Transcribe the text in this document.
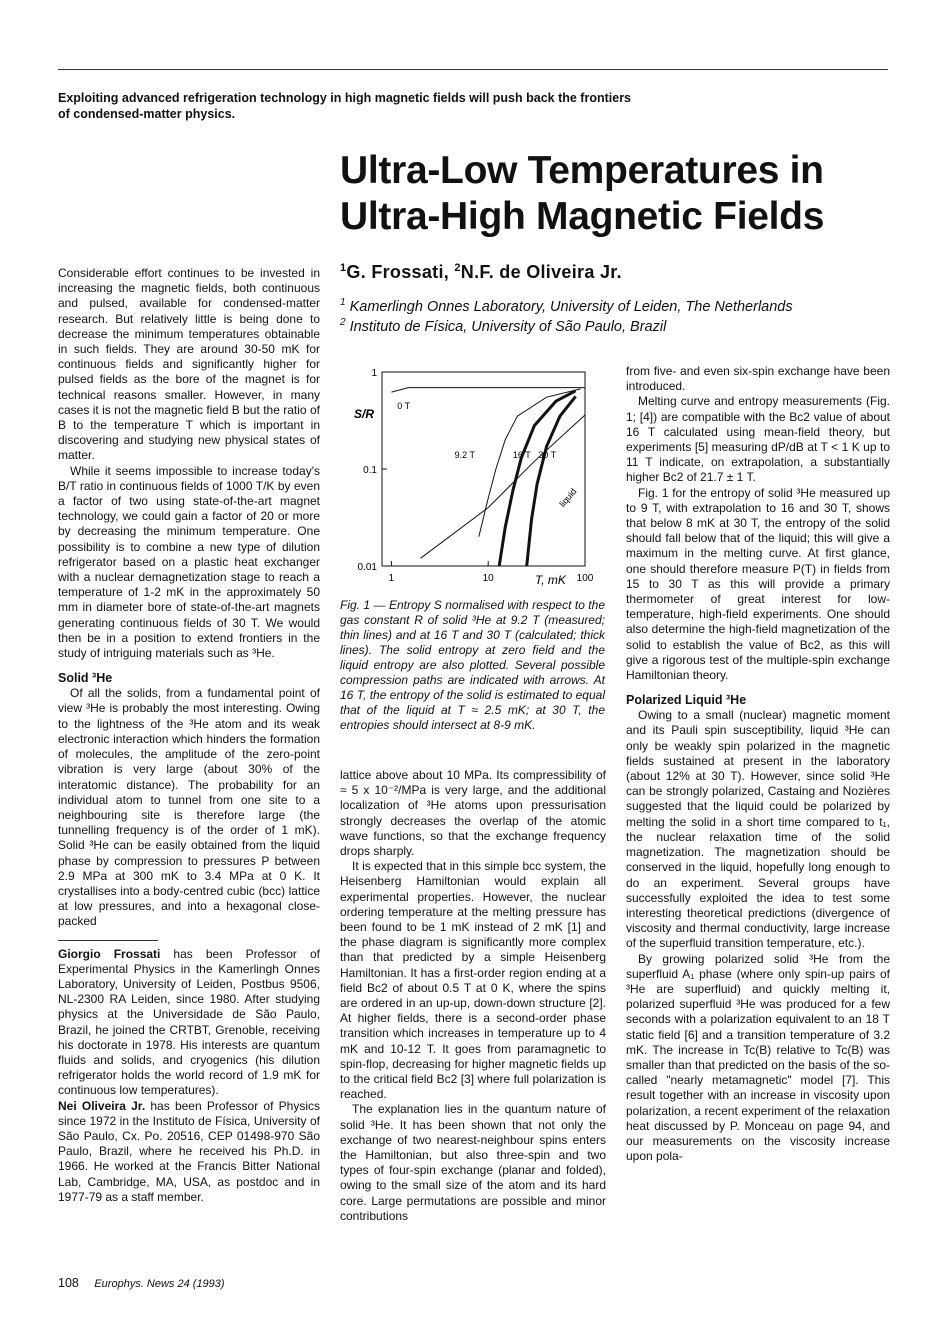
Exploiting advanced refrigeration technology in high magnetic fields will push back the frontiers of condensed-matter physics.
Ultra-Low Temperatures in
Ultra-High Magnetic Fields
$^1$G. Frossati, $^2$N.F. de Oliveira Jr.
$^1$ Kamerlingh Onnes Laboratory, University of Leiden, The Netherlands
$^2$ Instituto de Física, University of São Paulo, Brazil

Considerable effort continues to be invested in increasing the magnetic fields, both continuous and pulsed, available for condensed-matter research. But relatively little is being done to decrease the minimum temperatures obtainable in such fields. They are around 30-50 mK for continuous fields and significantly higher for pulsed fields as the bore of the magnet is for technical reasons smaller. However, in many cases it is not the magnetic field B but the ratio of B to the temperature T which is important in discovering and studying new physical states of matter.

While it seems impossible to increase today's B/T ratio in continuous fields of 1000 T/K by even a factor of two using state-of-the-art magnet technology, we could gain a factor of 20 or more by decreasing the minimum temperature. One possibility is to combine a new type of dilution refrigerator based on a plastic heat exchanger with a nuclear demagnetization stage to reach a temperature of 1-2 mK in the approximately 50 mm in diameter bore of state-of-the-art magnets generating continuous fields of 30 T. We would then be in a position to extend frontiers in the study of intriguing materials such as ³He.

Solid ³He

Of all the solids, from a fundamental point of view ³He is probably the most interesting. Owing to the lightness of the ³He atom and its weak electronic interaction which hinders the formation of molecules, the amplitude of the zero-point vibration is very large (about 30% of the interatomic distance). The probability for an individual atom to tunnel from one site to a neighbouring site is therefore large (the tunnelling frequency is of the order of 1 mK). Solid ³He can be easily obtained from the liquid phase by compression to pressures P between 2.9 MPa at 300 mK to 3.4 MPa at 0 K. It crystallises into a body-centred cubic (bcc) lattice at low pressures, and into a hexagonal close-packed

Giorgio Frossati has been Professor of Experimental Physics in the Kamerlingh Onnes Laboratory, University of Leiden, Postbus 9506, NL-2300 RA Leiden, since 1980. After studying physics at the Universidade de São Paulo, Brazil, he joined the CRTBT, Grenoble, receiving his doctorate in 1978. His interests are quantum fluids and solids, and cryogenics (his dilution refrigerator holds the world record of 1.9 mK for continuous low temperatures).

Nei Oliveira Jr. has been Professor of Physics since 1972 in the Instituto de Física, University of São Paulo, Cx. Po. 20516, CEP 01498-970 São Paulo, Brazil, where he received his Ph.D. in 1966. He worked at the Francis Bitter National Lab, Cambridge, MA, USA, as postdoc and in 1977-79 as a staff member.

1	10	100
1
0.1
0.01
S/R
T, mK
0 T
9.2 T	16 T 30 T
liquid
Fig. 1 — Entropy S normalised with respect to the gas constant R of solid ³He at 9.2 T (measured; thin lines) and at 16 T and 30 T (calculated; thick lines). The solid entropy at zero field and the liquid entropy are also plotted. Several possible compression paths are indicated with arrows. At 16 T, the entropy of the solid is estimated to equal that of the liquid at T ≈ 2.5 mK; at 30 T, the entropies should intersect at 8-9 mK.

lattice above about 10 MPa. Its compressibility of ≈ 5 x 10⁻²/MPa is very large, and the additional localization of ³He atoms upon pressurisation strongly decreases the overlap of the atomic wave functions, so that the exchange frequency drops sharply.

It is expected that in this simple bcc system, the Heisenberg Hamiltonian would explain all experimental properties. However, the nuclear ordering temperature at the melting pressure has been found to be 1 mK instead of 2 mK [1] and the phase diagram is significantly more complex than that predicted by a simple Heisenberg Hamiltonian. It has a first-order region ending at a field Bc2 of about 0.5 T at 0 K, where the spins are ordered in an up-up, down-down structure [2]. At higher fields, there is a second-order phase transition which increases in temperature up to 4 mK and 10-12 T. It goes from paramagnetic to spin-flop, decreasing for higher magnetic fields up to the critical field Bc2 [3] where full polarization is reached.

The explanation lies in the quantum nature of solid ³He. It has been shown that not only the exchange of two nearest-neighbour spins enters the Hamiltonian, but also three-spin and two types of four-spin exchange (planar and folded), owing to the small size of the atom and its hard core. Large permutations are possible and minor contributions

from five- and even six-spin exchange have been introduced.

Melting curve and entropy measurements (Fig. 1; [4]) are compatible with the Bc2 value of about 16 T calculated using mean-field theory, but experiments [5] measuring dP/dB at T < 1 K up to 11 T indicate, on extrapolation, a substantially higher Bc2 of 21.7 ± 1 T.

Fig. 1 for the entropy of solid ³He measured up to 9 T, with extrapolation to 16 and 30 T, shows that below 8 mK at 30 T, the entropy of the solid should fall below that of the liquid; this will give a maximum in the melting curve. At first glance, one should therefore measure P(T) in fields from 15 to 30 T as this will provide a primary thermometer of great interest for low-temperature, high-field experiments. One should also determine the high-field magnetization of the solid to establish the value of Bc2, as this will give a rigorous test of the multiple-spin exchange Hamiltonian theory.

Polarized Liquid ³He

Owing to a small (nuclear) magnetic moment and its Pauli spin susceptibility, liquid ³He can only be weakly spin polarized in the magnetic fields sustained at present in the laboratory (about 12% at 30 T). However, since solid ³He can be strongly polarized, Castaing and Nozières suggested that the liquid could be polarized by melting the solid in a short time compared to t₁, the nuclear relaxation time of the solid magnetization. The magnetization should be conserved in the liquid, hopefully long enough to do an experiment. Several groups have successfully exploited the idea to test some interesting theoretical predictions (divergence of viscosity and thermal conductivity, large increase of the superfluid transition temperature, etc.).

By growing polarized solid ³He from the superfluid A₁ phase (where only spin-up pairs of ³He are superfluid) and quickly melting it, polarized superfluid ³He was produced for a few seconds with a polarization equivalent to an 18 T static field [6] and a transition temperature of 3.2 mK. The increase in Tc(B) relative to Tc(B) was smaller than that predicted on the basis of the so-called "nearly metamagnetic" model [7]. This result together with an increase in viscosity upon polarization, a recent experiment of the relaxation heat discussed by P. Monceau on page 94, and our measurements on the viscosity increase upon pola-

108 Europhys. News 24 (1993)
